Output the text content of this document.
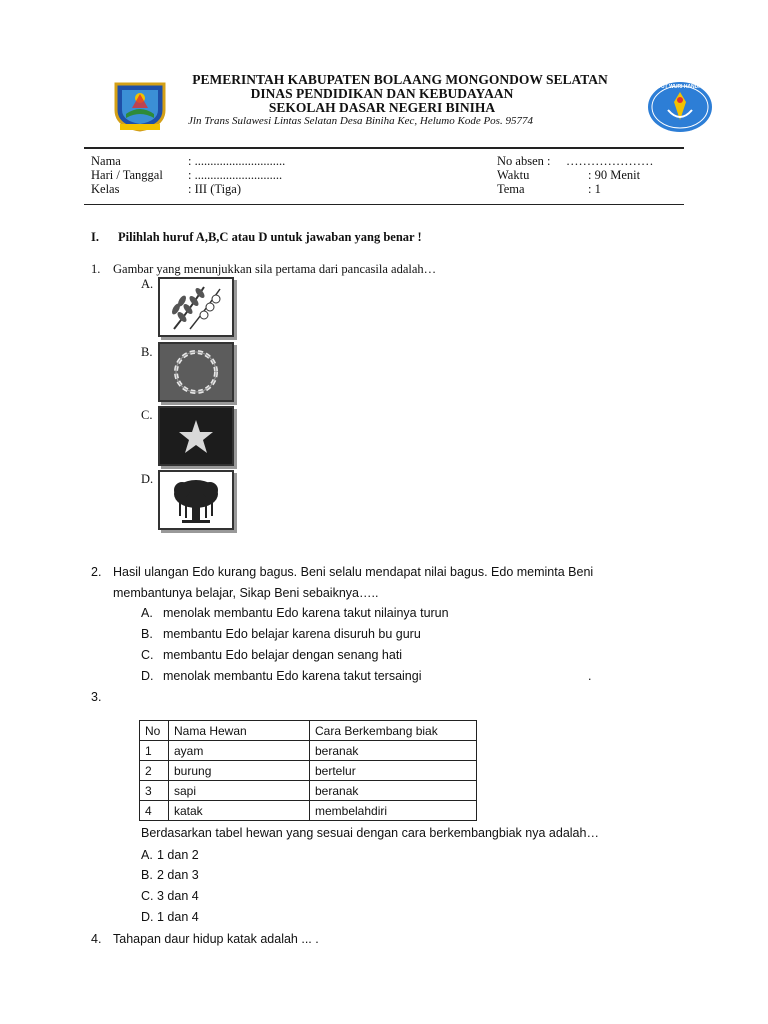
PEMERINTAH KABUPATEN BOLAANG MONGONDOW SELATAN
DINAS PENDIDIKAN DAN KEBUDAYAAN
SEKOLAH DASAR NEGERI BINIHA
Jln Trans Sulawesi Lintas Selatan Desa Biniha Kec, Helumo Kode Pos. 95774
TUT WURI HANDAYANI
Nama	: .............................
Hari / Tanggal : ............................
Kelas	: III (Tiga)
No absen : …………………
Waktu	: 90 Menit
Tema	: 1
I. Pilihlah huruf A,B,C atau D untuk jawaban yang benar !
1. Gambar yang menunjukkan sila pertama dari pancasila adalah…
A.
B.
C.
D.
2. Hasil ulangan Edo kurang bagus. Beni selalu mendapat nilai bagus. Edo meminta Beni
membantunya belajar, Sikap Beni sebaiknya…..
A. menolak membantu Edo karena takut nilainya turun
B. membantu Edo belajar karena disuruh bu guru
C. membantu Edo belajar dengan senang hati
D. menolak membantu Edo karena takut tersaingi	.
3.
No	Nama Hewan	Cara Berkembang biak
1	ayam	beranak
2	burung	bertelur
3	sapi	beranak
4	katak	membelahdiri
Berdasarkan tabel hewan yang sesuai dengan cara berkembangbiak nya adalah…
A. 1 dan 2
B. 2 dan 3
C. 3 dan 4
D. 1 dan 4
4. Tahapan daur hidup katak adalah ... .
